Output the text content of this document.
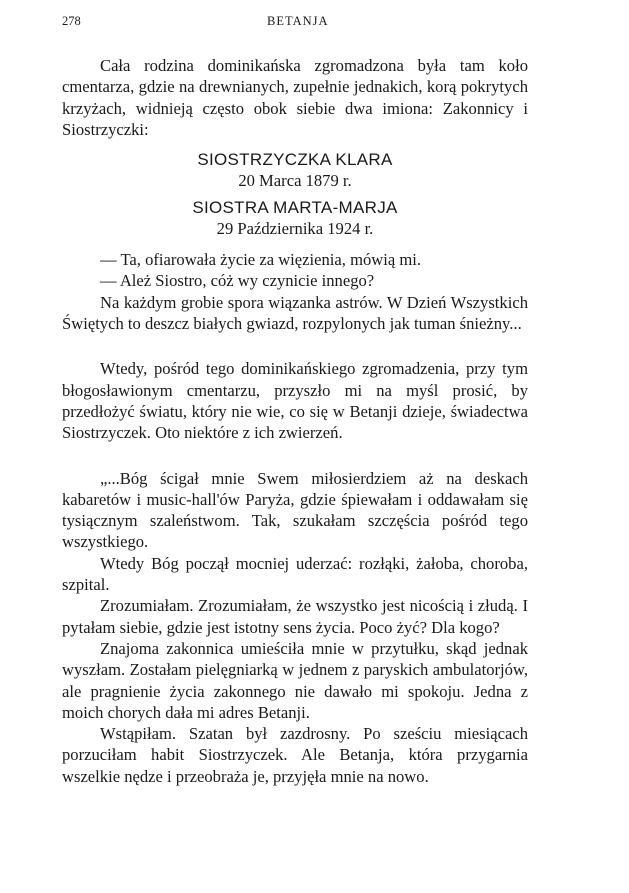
278	BETANJA

Cała rodzina dominikańska zgromadzona była tam koło cmentarza, gdzie na drewnianych, zupełnie jednakich, korą pokrytych krzyżach, widnieją często obok siebie dwa imiona: Zakonnicy i Siostrzyczki:

SIOSTRZYCZKA KLARA
20 Marca 1879 r.
SIOSTRA MARTA-MARJA
29 Października 1924 r.

— Ta, ofiarowała życie za więzienia, mówią mi.

— Ależ Siostro, cóż wy czynicie innego?

Na każdym grobie spora wiązanka astrów. W Dzień Wszystkich Świętych to deszcz białych gwiazd, rozpylonych jak tuman śnieżny...

Wtedy, pośród tego dominikańskiego zgromadzenia, przy tym błogosławionym cmentarzu, przyszło mi na myśl prosić, by przedłożyć światu, który nie wie, co się w Betanji dzieje, świadectwa Siostrzyczek. Oto niektóre z ich zwierzeń.

„...Bóg ścigał mnie Swem miłosierdziem aż na deskach kabaretów i music-hall'ów Paryża, gdzie śpiewałam i oddawałam się tysiącznym szaleństwom. Tak, szukałam szczęścia pośród tego wszystkiego.

Wtedy Bóg począł mocniej uderzać: rozłąki, żałoba, choroba, szpital.

Zrozumiałam. Zrozumiałam, że wszystko jest nicością i złudą. I pytałam siebie, gdzie jest istotny sens życia. Poco żyć? Dla kogo?

Znajoma zakonnica umieściła mnie w przytułku, skąd jednak wyszłam. Zostałam pielęgniarką w jednem z paryskich ambulatorjów, ale pragnienie życia zakonnego nie dawało mi spokoju. Jedna z moich chorych dała mi adres Betanji.

Wstąpiłam. Szatan był zazdrosny. Po sześciu miesiącach porzuciłam habit Siostrzyczek. Ale Betanja, która przygarnia wszelkie nędze i przeobraża je, przyjęła mnie na nowo.
